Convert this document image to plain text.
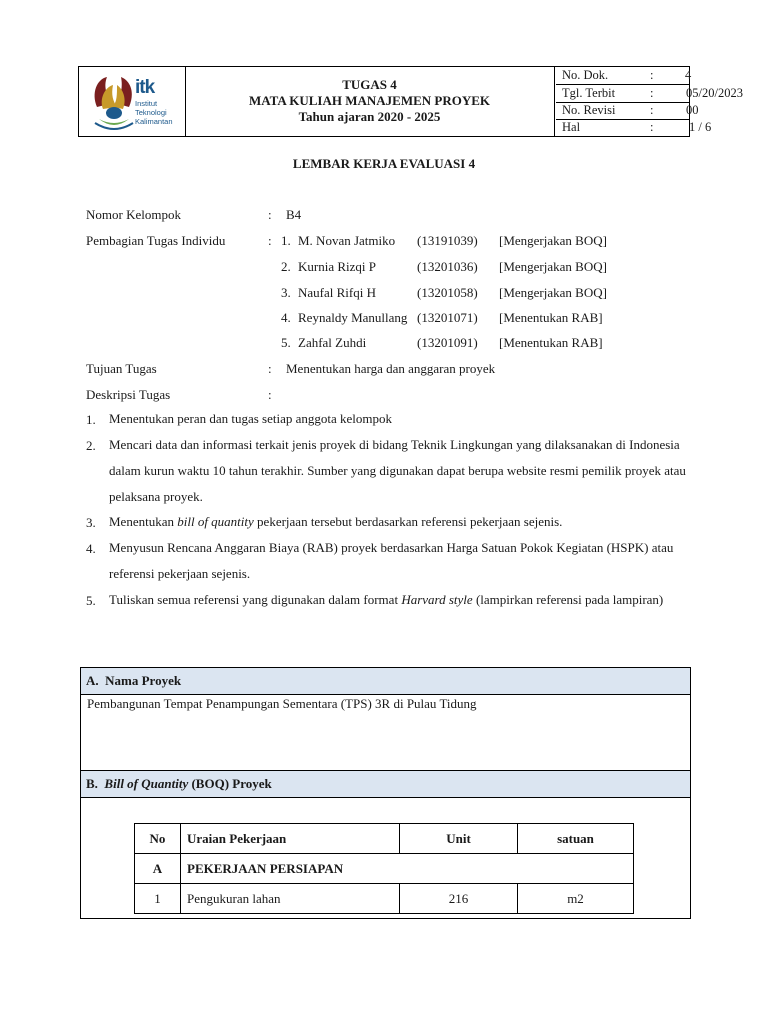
itk
Institut
Teknologi
Kalimantan
TUGAS 4
MATA KULIAH MANAJEMEN PROYEK
Tahun ajaran 2020 - 2025
No. Dok.	:	4
Tgl. Terbit	:	05/20/2023
No. Revisi	:	00
Hal	:	1 / 6
LEMBAR KERJA EVALUASI 4
Nomor Kelompok	: B4
Pembagian Tugas Individu	: 1. M. Novan Jatmiko (13191039) [Mengerjakan BOQ]
2. Kurnia Rizqi P	(13201036) [Mengerjakan BOQ]
3. Naufal Rifqi H	(13201058) [Mengerjakan BOQ]
4. Reynaldy Manullang (13201071) [Menentukan RAB]
5. Zahfal Zuhdi	(13201091) [Menentukan RAB]
Tujuan Tugas	: Menentukan harga dan anggaran proyek
Deskripsi Tugas	:
1. Menentukan peran dan tugas setiap anggota kelompok
2. Mencari data dan informasi terkait jenis proyek di bidang Teknik Lingkungan yang dilaksanakan di Indonesia dalam kurun waktu 10 tahun terakhir. Sumber yang digunakan dapat berupa website resmi pemilik proyek atau pelaksana proyek.
3. Menentukan bill of quantity pekerjaan tersebut berdasarkan referensi pekerjaan sejenis.
4. Menyusun Rencana Anggaran Biaya (RAB) proyek berdasarkan Harga Satuan Pokok Kegiatan (HSPK) atau referensi pekerjaan sejenis.
5. Tuliskan semua referensi yang digunakan dalam format Harvard style (lampirkan referensi pada lampiran)
A. Nama Proyek
Pembangunan Tempat Penampungan Sementara (TPS) 3R di Pulau Tidung
B. Bill of Quantity (BOQ) Proyek
No	Uraian Pekerjaan	Unit	satuan
A	PEKERJAAN PERSIAPAN		
1	Pengukuran lahan	216	m2
